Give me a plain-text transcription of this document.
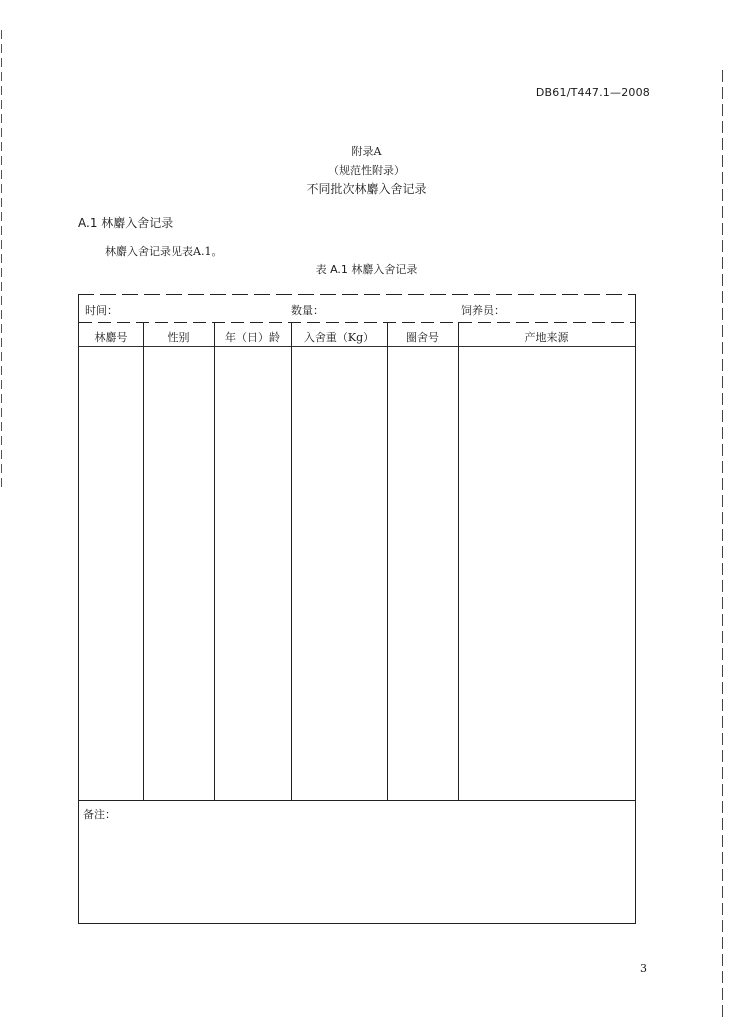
DB61/T447.1—2008
附录A
（规范性附录）
不同批次林麝入舍记录
A.1 林麝入舍记录
林麝入舍记录见表A.1。
表 A.1 林麝入舍记录
时间：	数量：	饲养员：
林麝号	性别	年（日）龄	入舍重（Kg）	圈舍号	产地来源
备注：
3
